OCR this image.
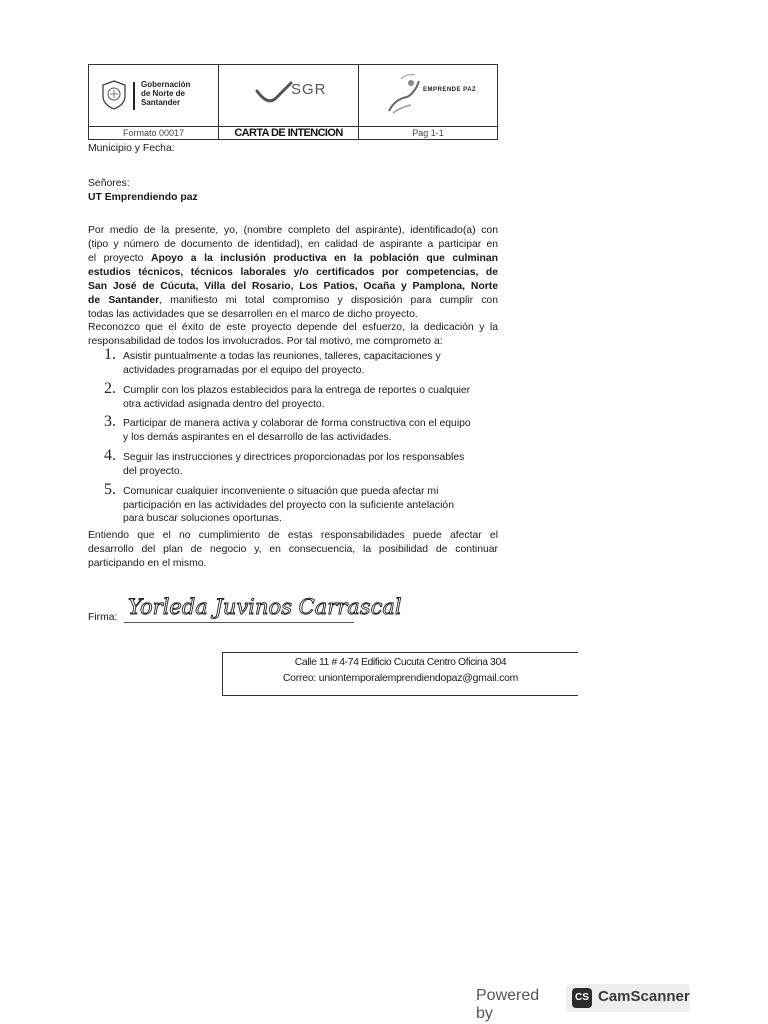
Gobernación
de Norte de
Santander
SGR	EMPRENDE PAZ
Formato 00017	CARTA DE INTENCION	Pag 1-1
Municipio y Fecha:
Señores:
UT Emprendiendo paz
Por medio de la presente, yo, (nombre completo del aspirante), identificado(a) con
(tipo y número de documento de identidad), en calidad de aspirante a participar en
el proyecto Apoyo a la inclusión productiva en la población que culminan
estudios técnicos, técnicos laborales y/o certificados por competencias, de
San José de Cúcuta, Villa del Rosario, Los Patios, Ocaña y Pamplona, Norte
de Santander, manifiesto mi total compromiso y disposición para cumplir con
todas las actividades que se desarrollen en el marco de dicho proyecto.
Reconozco que el éxito de este proyecto depende del esfuerzo, la dedicación y la
responsabilidad de todos los involucrados. Por tal motivo, me comprometo a:
1. Asistir puntualmente a todas las reuniones, talleres, capacitaciones y
actividades programadas por el equipo del proyecto.
2. Cumplir con los plazos establecidos para la entrega de reportes o cualquier
otra actividad asignada dentro del proyecto.
3. Participar de manera activa y colaborar de forma constructiva con el equipo
y los demás aspirantes en el desarrollo de las actividades.
4. Seguir las instrucciones y directrices proporcionadas por los responsables
del proyecto.
5. Comunicar cualquier inconveniente o situación que pueda afectar mi
participación en las actividades del proyecto con la suficiente antelación
para buscar soluciones oportunas.
Entiendo que el no cumplimiento de estas responsabilidades puede afectar el
desarrollo del plan de negocio y, en consecuencia, la posibilidad de continuar
participando en el mismo.
Firma: Yorleda Juvinos Carrascal
Calle 11 # 4-74 Edificio Cucuta Centro Oficina 304
Correo: uniontemporalemprendiendopaz@gmail.com
Powered by
CS CamScanner
